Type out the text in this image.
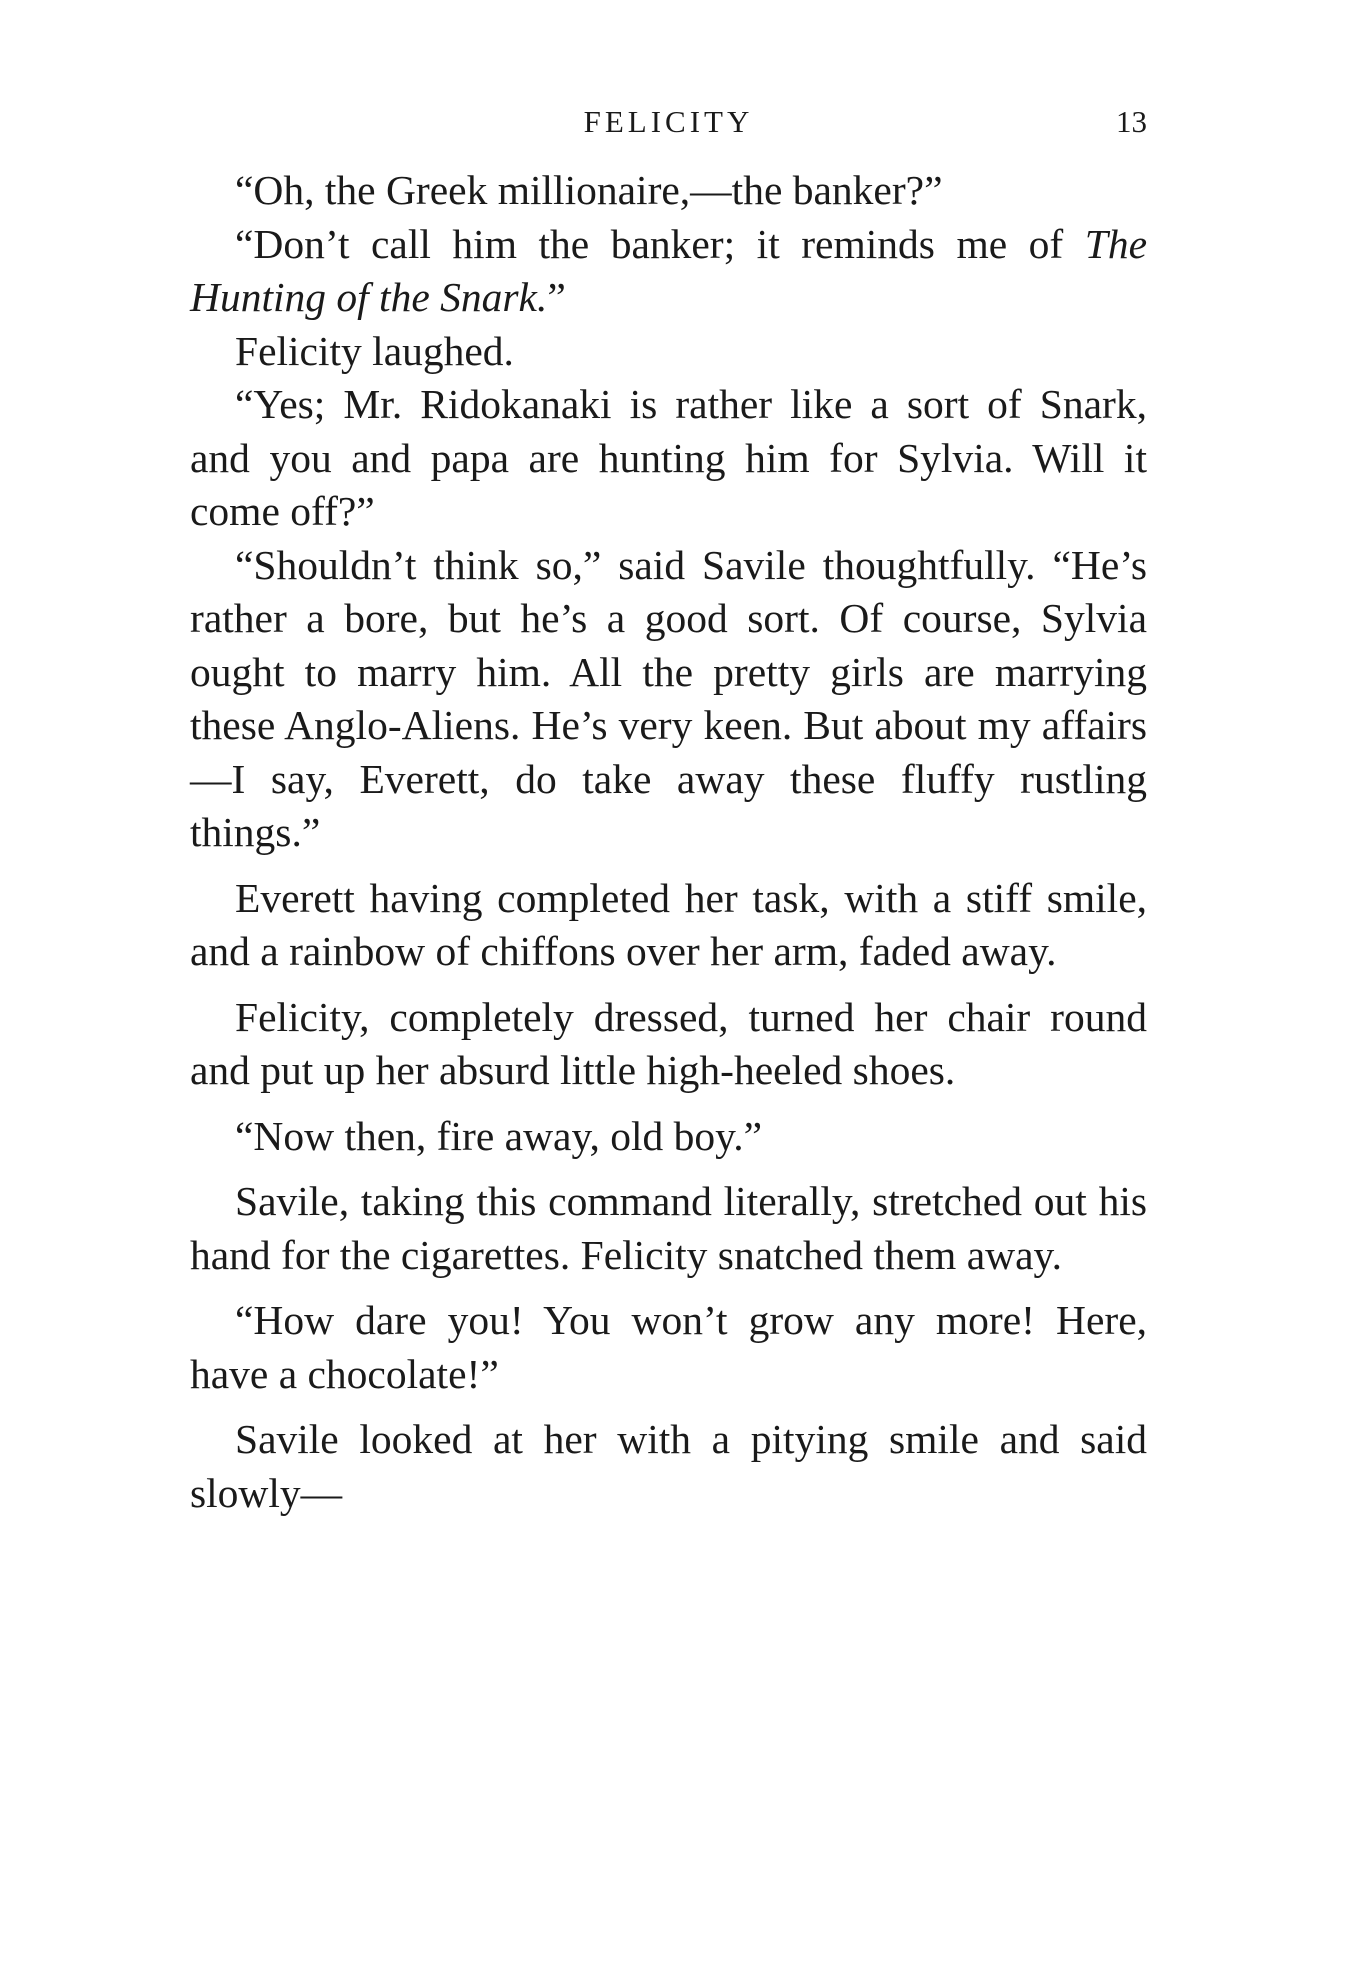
FELICITY	13

“Oh, the Greek millionaire,—the banker?”

“Don’t call him the banker; it reminds me of The Hunting of the Snark.”

Felicity laughed.

“Yes; Mr. Ridokanaki is rather like a sort of Snark, and you and papa are hunting him for Sylvia. Will it come off?”

“Shouldn’t think so,” said Savile thoughtfully. “He’s rather a bore, but he’s a good sort. Of course, Sylvia ought to marry him. All the pretty girls are marrying these Anglo-Aliens. He’s very keen. But about my affairs—I say, Everett, do take away these fluffy rustling things.”

Everett having completed her task, with a stiff smile, and a rainbow of chiffons over her arm, faded away.

Felicity, completely dressed, turned her chair round and put up her absurd little high-heeled shoes.

“Now then, fire away, old boy.”

Savile, taking this command literally, stretched out his hand for the cigarettes. Felicity snatched them away.

“How dare you! You won’t grow any more! Here, have a chocolate!”

Savile looked at her with a pitying smile and said slowly—
